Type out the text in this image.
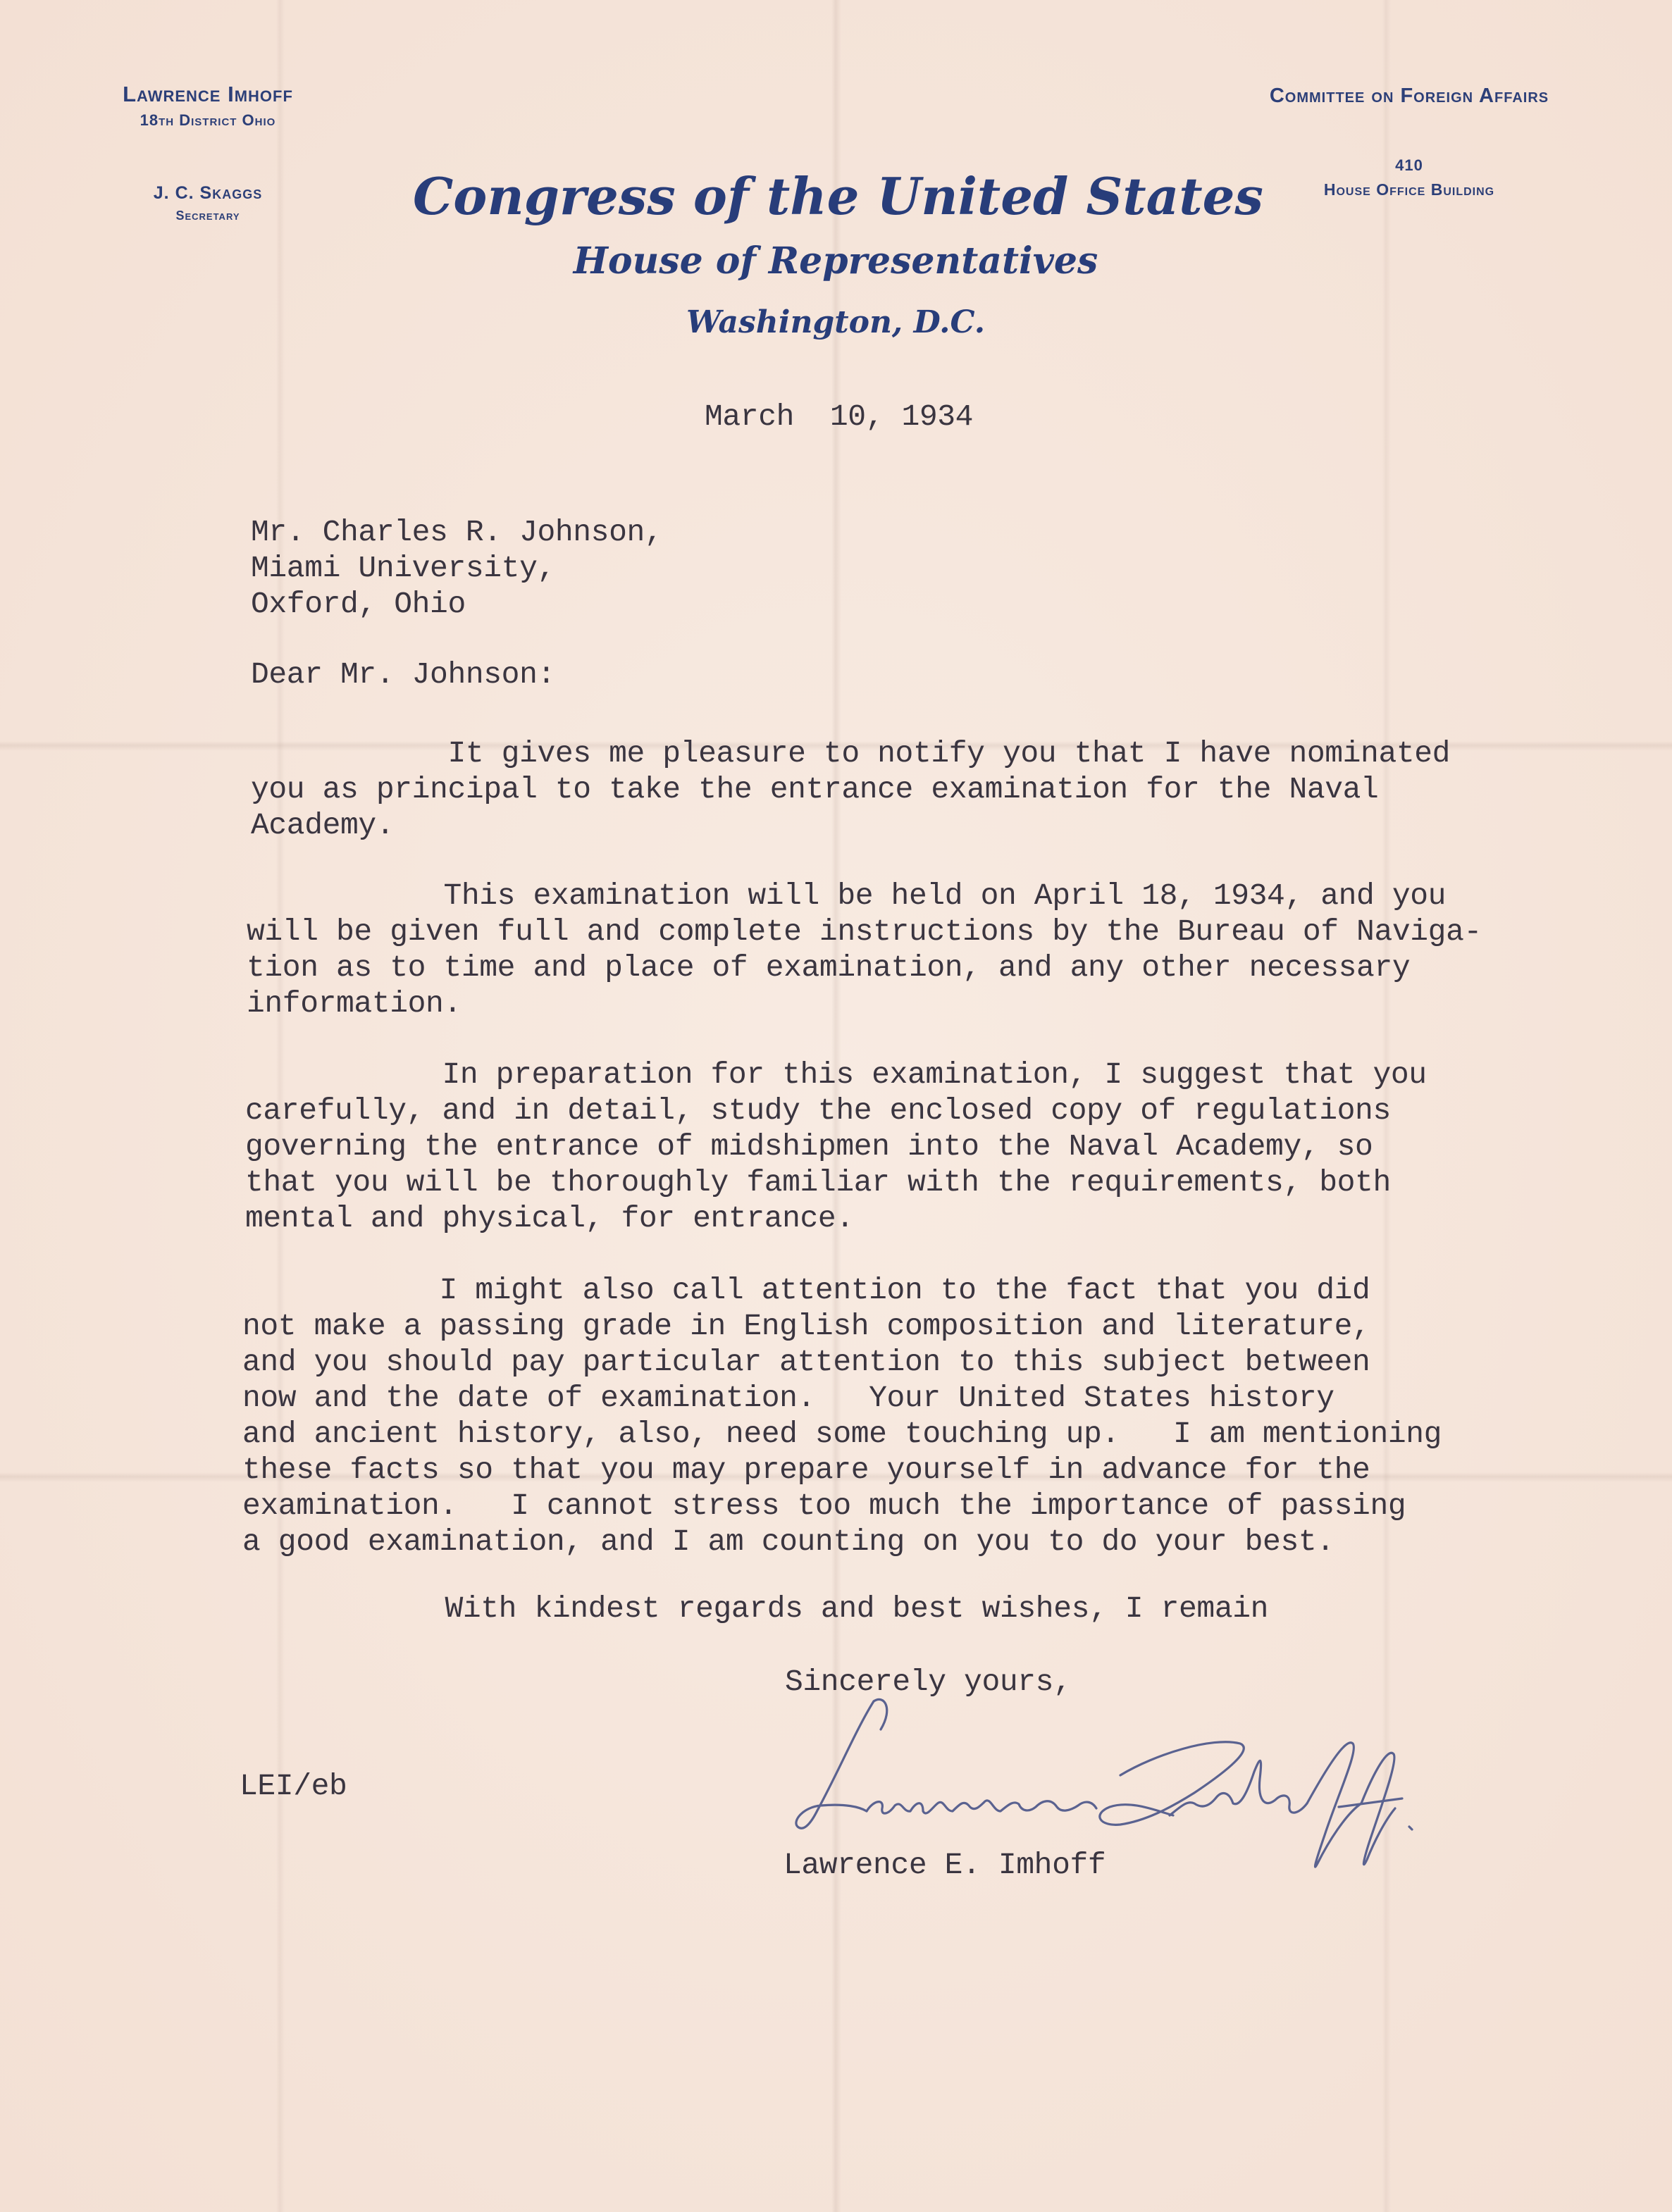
Lawrence Imhoff
18th District Ohio
J. C. Skaggs
Secretary
Committee on Foreign Affairs
410
House Office Building
Congress of the United States
House of Representatives
Washington, D.C.
March  10, 1934
Mr. Charles R. Johnson,
Miami University,
Oxford, Ohio
Dear Mr. Johnson:
It gives me pleasure to notify you that I have nominated
you as principal to take the entrance examination for the Naval
Academy.
This examination will be held on April 18, 1934, and you
will be given full and complete instructions by the Bureau of Naviga-
tion as to time and place of examination, and any other necessary
information.
In preparation for this examination, I suggest that you
carefully, and in detail, study the enclosed copy of regulations
governing the entrance of midshipmen into the Naval Academy, so
that you will be thoroughly familiar with the requirements, both
mental and physical, for entrance.
I might also call attention to the fact that you did
not make a passing grade in English composition and literature,
and you should pay particular attention to this subject between
now and the date of examination.   Your United States history
and ancient history, also, need some touching up.   I am mentioning
these facts so that you may prepare yourself in advance for the
examination.   I cannot stress too much the importance of passing
a good examination, and I am counting on you to do your best.
With kindest regards and best wishes, I remain
Sincerely yours,
Lawrence E. Imhoff
LEI/eb
